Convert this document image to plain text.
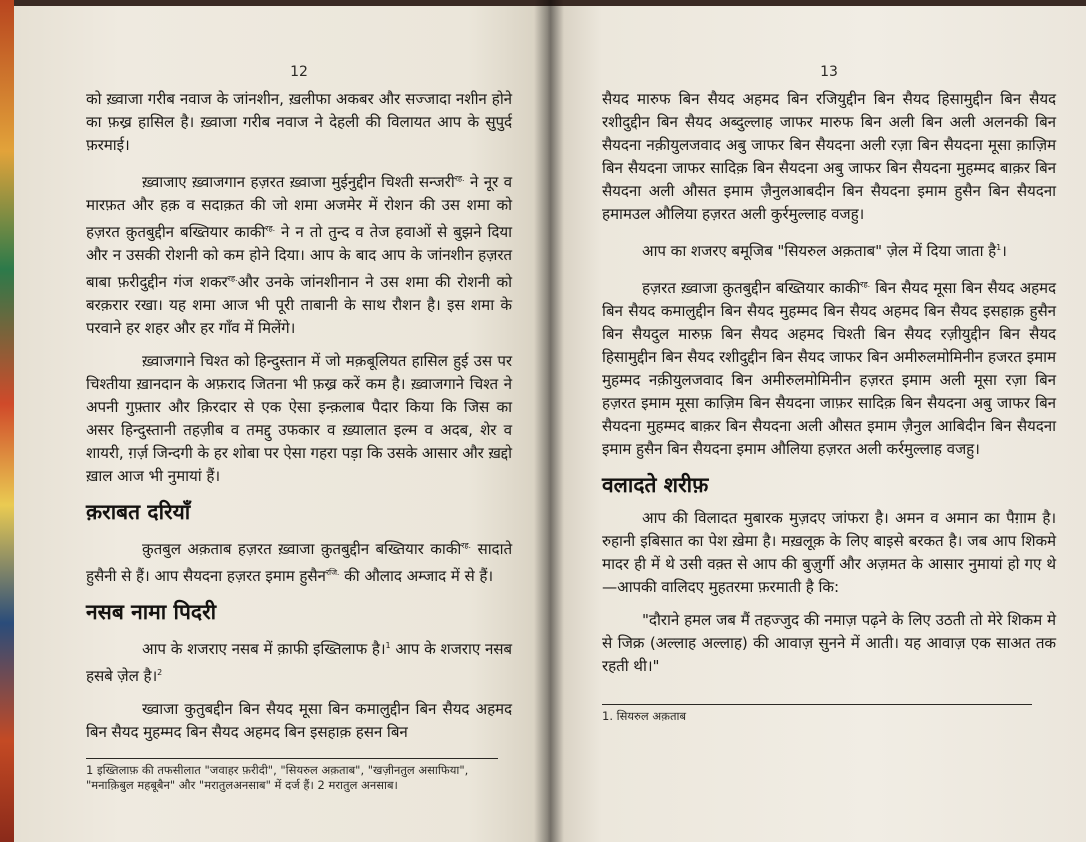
12

को ख़्वाजा गरीब नवाज के जांनशीन, ख़लीफा अकबर और सज्जादा नशीन होने का फ़ख्र हासिल है। ख़्वाजा गरीब नवाज ने देहली की विलायत आप के सुपुर्द फ़रमाई।

ख़्वाजाए ख़्वाजगान हज़रत ख़्वाजा मुईनुद्दीन चिश्ती सन्जरी$^{रह.}$ ने नूर व मारफ़त और हक़ व सदाक़त की जो शमा अजमेर में रोशन की उस शमा को हज़रत क़ुतबुद्दीन बख्तियार काकी$^{रह.}$ ने न तो तुन्द व तेज हवाओं से बुझने दिया और न उसकी रोशनी को कम होने दिया। आप के बाद आप के जांनशीन हज़रत बाबा फ़रीदुद्दीन गंज शकर$^{रह.}$और उनके जांनशीनान ने उस शमा की रोशनी को बरक़रार रखा। यह शमा आज भी पूरी ताबानी के साथ रौशन है। इस शमा के परवाने हर शहर और हर गाँव में मिलेंगे।

ख़्वाजगाने चिश्त को हिन्दुस्तान में जो मक़बूलियत हासिल हुई उस पर चिश्तीया ख़ानदान के अफ़राद जितना भी फ़ख्र करें कम है। ख़्वाजगाने चिश्त ने अपनी गुफ़्तार और क़िरदार से एक ऐसा इन्क़लाब पैदार किया कि जिस का असर हिन्दुस्तानी तहज़ीब व तमद्दु उफकार व ख़्यालात इल्म व अदब, शेर व शायरी, ग़र्ज़ जिन्दगी के हर शोबा पर ऐसा गहरा पड़ा कि उसके आसार और ख़द्दो ख़ाल आज भी नुमायां हैं।

क़राबत दरियाँ

क़ुतबुल अक़ताब हज़रत ख़्वाजा क़ुतबुद्दीन बख्तियार काकी$^{रह.}$ सादाते हुसैनी से हैं। आप सैयदना हज़रत इमाम हुसैन$^{रजि.}$ की औलाद अम्जाद में से हैं।

नसब नामा पिदरी

आप के शजराए नसब में क़ाफी इख्तिलाफ है।$^1$ आप के शजराए नसब हसबे ज़ेल है।$^2$

ख्वाजा कुतुबद्दीन बिन सैयद मूसा बिन कमालुद्दीन बिन सैयद अहमद बिन सैयद मुहम्मद बिन सैयद अहमद बिन इसहाक़ हसन बिन

1 इख्तिलाफ़ की तफसीलात "जवाहर फ़रीदी", "सियरुल अक़ताब", "खज़ीनतुल असाफिया", "मनाक़िबुल महबूबैन" और "मरातुलअनसाब" में दर्ज हैं। 2 मरातुल अनसाब।
13

सैयद मारुफ बिन सैयद अहमद बिन रजियुद्दीन बिन सैयद हिसामुद्दीन बिन सैयद रशीदुद्दीन बिन सैयद अब्दुल्लाह जाफर मारुफ बिन अली बिन अली अलनकी बिन सैयदना नक़ीयुलजवाद अबु जाफर बिन सैयदना अली रज़ा बिन सैयदना मूसा क़ाज़िम बिन सैयदना जाफर सादिक़ बिन सैयदना अबु जाफर बिन सैयदना मुहम्मद बाक़र बिन सैयदना अली औसत इमाम ज़ैनुलआबदीन बिन सैयदना इमाम हुसैन बिन सैयदना हमामउल औलिया हज़रत अली कुर्रमुल्लाह वजहु।

आप का शजरए बमूजिब "सियरुल अक़ताब" ज़ेल में दिया जाता है$^1$।

हज़रत ख़्वाजा क़ुतबुद्दीन बख्तियार काकी$^{रह.}$ बिन सैयद मूसा बिन सैयद अहमद बिन सैयद कमालुद्दीन बिन सैयद मुहम्मद बिन सैयद अहमद बिन सैयद इसहाक़ हुसैन बिन सैयदुल मारुफ़ बिन सैयद अहमद चिश्ती बिन सैयद रज़ीयुद्दीन बिन सैयद हिसामुद्दीन बिन सैयद रशीदुद्दीन बिन सैयद जाफर बिन अमीरुलमोमिनीन हजरत इमाम मुहम्मद नक़ीयुलजवाद बिन अमीरुलमोमिनीन हज़रत इमाम अली मूसा रज़ा बिन हज़रत इमाम मूसा काज़िम बिन सैयदना जाफ़र सादिक़ बिन सैयदना अबु जाफर बिन सैयदना मुहम्मद बाक़र बिन सैयदना अली औसत इमाम ज़ैनुल आबिदीन बिन सैयदना इमाम हुसैन बिन सैयदना इमाम औलिया हज़रत अली कर्रमुल्लाह वजहु।

वलादते शरीफ़

आप की विलादत मुबारक मुज़दए जांफरा है। अमन व अमान का पैग़ाम है। रुहानी इबिसात का पेश ख़ेमा है। मख़लूक़ के लिए बाइसे बरकत है। जब आप शिकमे मादर ही में थे उसी वक़्त से आप की बुज़ुर्गी और अज़मत के आसार नुमायां हो गए थे—आपकी वालिदए मुहतरमा फ़रमाती है कि:

"दौराने हमल जब मैं तहज्जुद की नमाज़ पढ़ने के लिए उठती तो मेरे शिकम मे से जिक्र (अल्लाह अल्लाह) की आवाज़ सुनने में आती। यह आवाज़ एक साअत तक रहती थी।"

1. सियरुल अक़ताब
